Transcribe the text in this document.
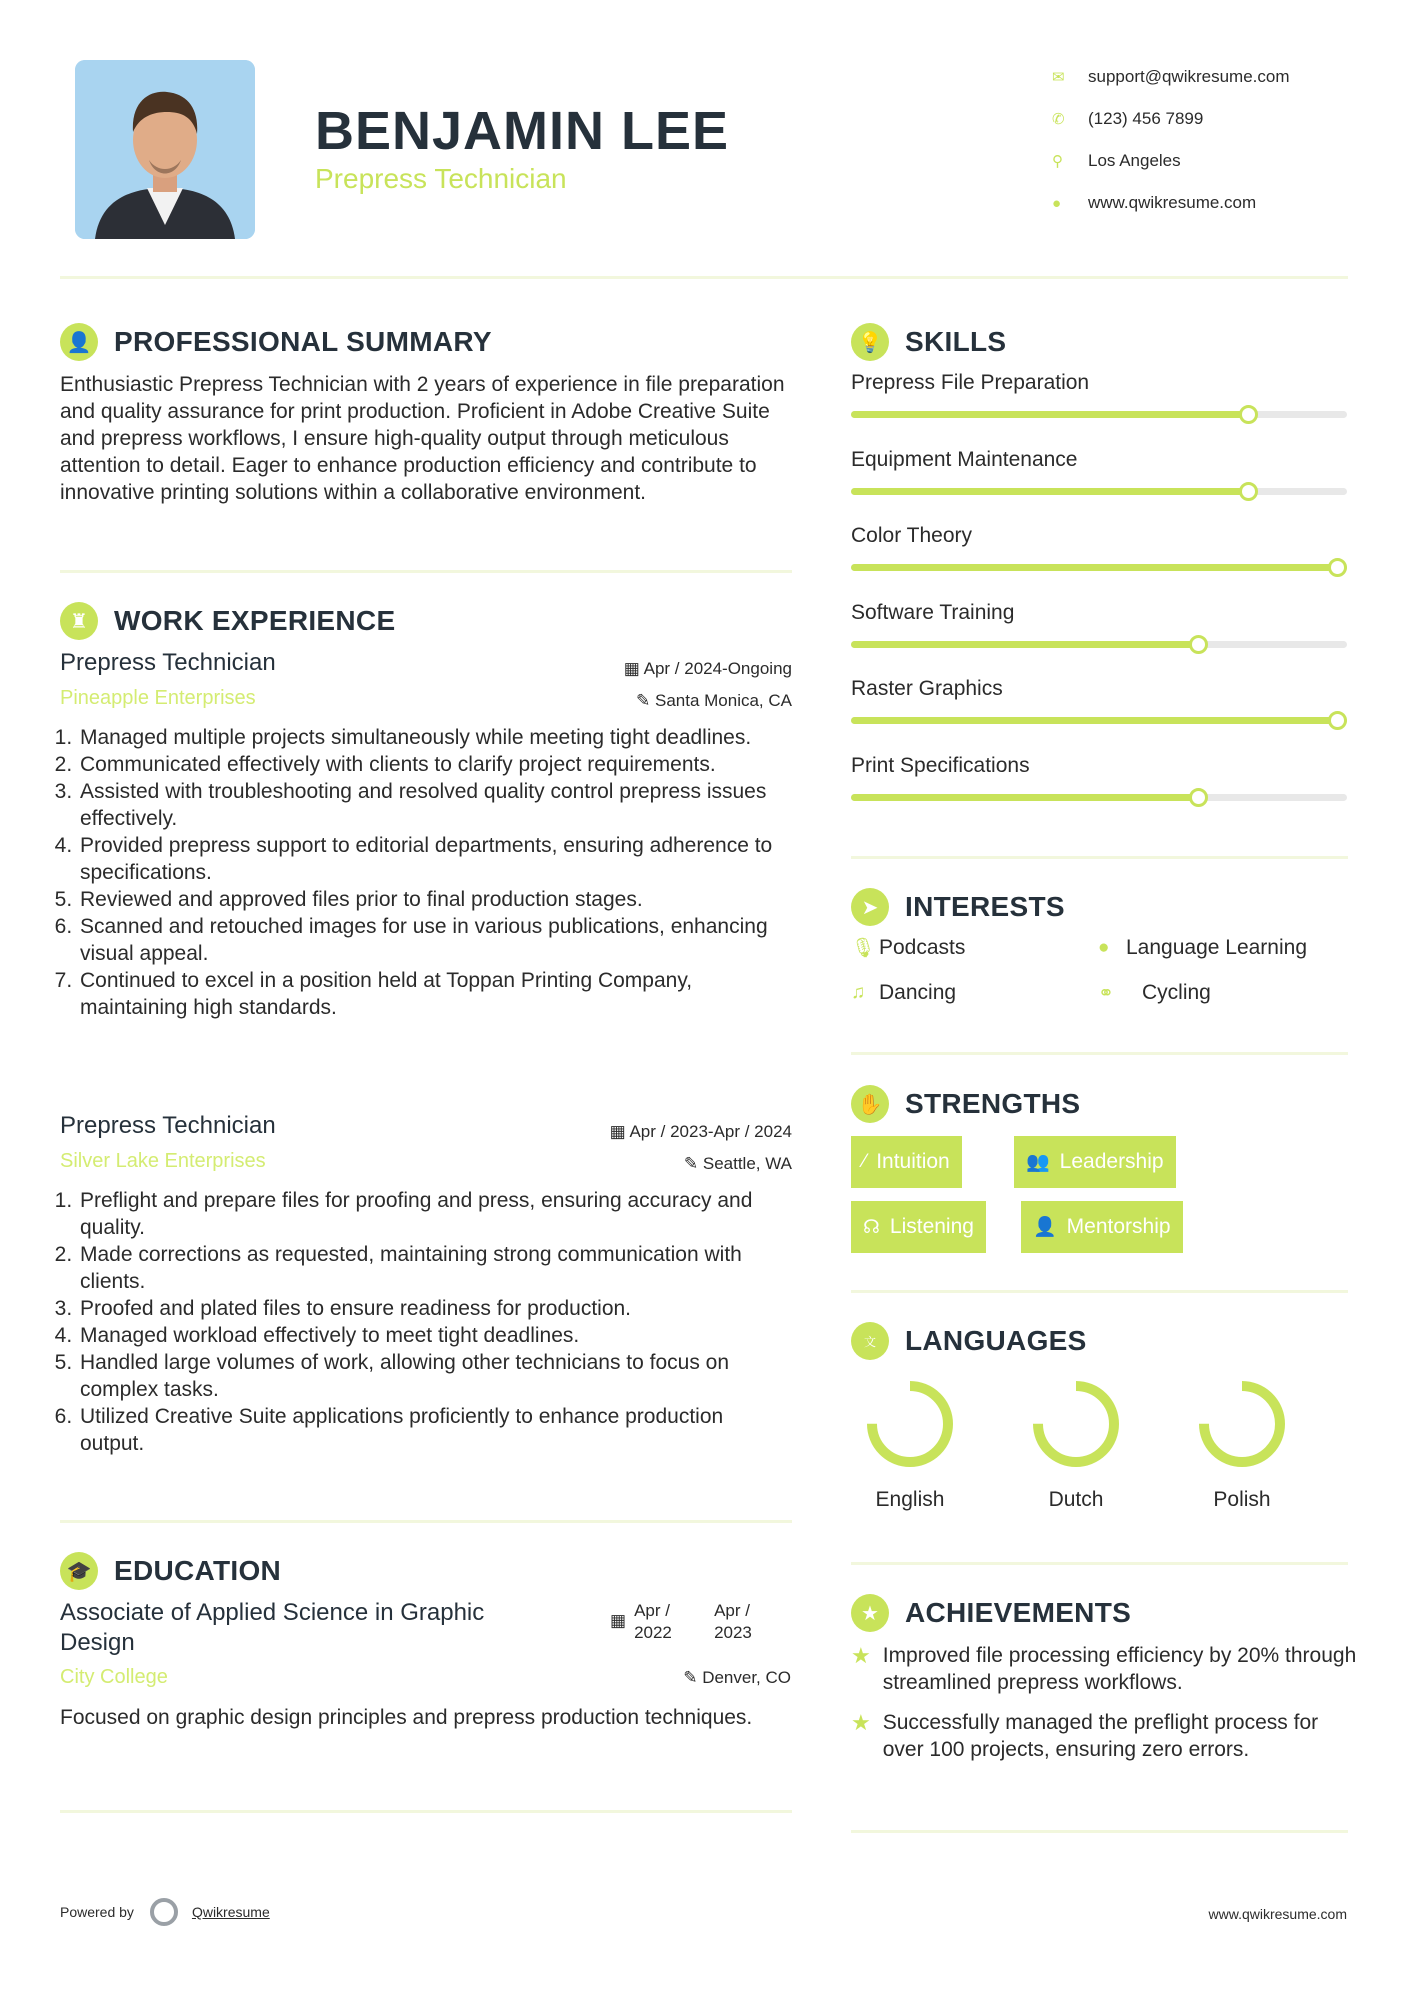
BENJAMIN LEE
Prepress Technician
✉	support@qwikresume.com
✆	(123) 456 7899
⚲	Los Angeles
●	www.qwikresume.com
👤 PROFESSIONAL SUMMARY
Enthusiastic Prepress Technician with 2 years of experience in file preparation and quality assurance for print production. Proficient in Adobe Creative Suite and prepress workflows, I ensure high-quality output through meticulous attention to detail. Eager to enhance production efficiency and contribute to innovative printing solutions within a collaborative environment.
♜ WORK EXPERIENCE
Prepress Technician
Pineapple Enterprises
▦ Apr / 2024-Ongoing
✎ Santa Monica, CA
1. Managed multiple projects simultaneously while meeting tight deadlines.
2. Communicated effectively with clients to clarify project requirements.
3. Assisted with troubleshooting and resolved quality control prepress issues effectively.
4. Provided prepress support to editorial departments, ensuring adherence to specifications.
5. Reviewed and approved files prior to final production stages.
6. Scanned and retouched images for use in various publications, enhancing visual appeal.
7. Continued to excel in a position held at Toppan Printing Company, maintaining high standards.
Prepress Technician
Silver Lake Enterprises
▦ Apr / 2023-Apr / 2024
✎ Seattle, WA
1. Preflight and prepare files for proofing and press, ensuring accuracy and quality.
2. Made corrections as requested, maintaining strong communication with clients.
3. Proofed and plated files to ensure readiness for production.
4. Managed workload effectively to meet tight deadlines.
5. Handled large volumes of work, allowing other technicians to focus on complex tasks.
6. Utilized Creative Suite applications proficiently to enhance production output.
🎓 EDUCATION
Associate of Applied Science in Graphic Design
▦
Apr / 2022
Apr / 2023
City College	✎ Denver, CO
Focused on graphic design principles and prepress production techniques.
💡 SKILLS
Prepress File Preparation
Equipment Maintenance
Color Theory
Software Training
Raster Graphics
Print Specifications
➤ INTERESTS
🎙 Podcasts	● Language Learning
♫ Dancing	⚭	Cycling
✋ STRENGTHS
⁄ Intuition	👥 Leadership
☊ Listening	👤 Mentorship
文	LANGUAGES
English	Dutch	Polish
★ ACHIEVEMENTS
★ Improved file processing efficiency by 20% through streamlined prepress workflows.
★ Successfully managed the preflight process for over 100 projects, ensuring zero errors.
Powered by	Qwikresume	www.qwikresume.com
